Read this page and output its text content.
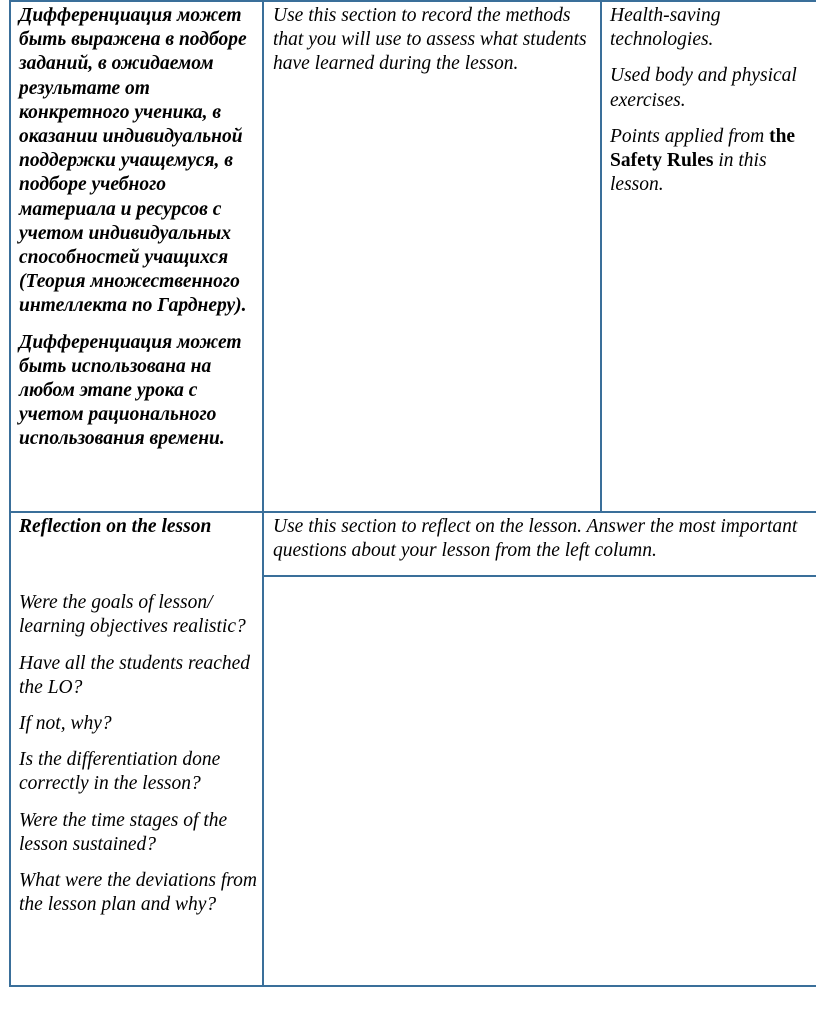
Дифференциация может быть выражена в подборе заданий, в ожидаемом результате от конкретного ученика, в оказании индивидуальной поддержки учащемуся, в подборе учебного материала и ресурсов с учетом индивидуальных способностей учащихся (Теория множественного интеллекта по Гарднеру).

Дифференциация может быть использована на любом этапе урока с учетом рационального использования времени.

Use this section to record the methods that you will use to assess what students have learned during the lesson.

Health-saving technologies.

Used body and physical exercises.

Points applied from the Safety Rules in this lesson.

Reflection on the lesson

Were the goals of lesson/ learning objectives realistic?

Have all the students reached the LO?

If not, why?

Is the differentiation done correctly in the lesson?

Were the time stages of the lesson sustained?

What were the deviations from the lesson plan and why?

Use this section to reflect on the lesson. Answer the most important questions about your lesson from the left column.
